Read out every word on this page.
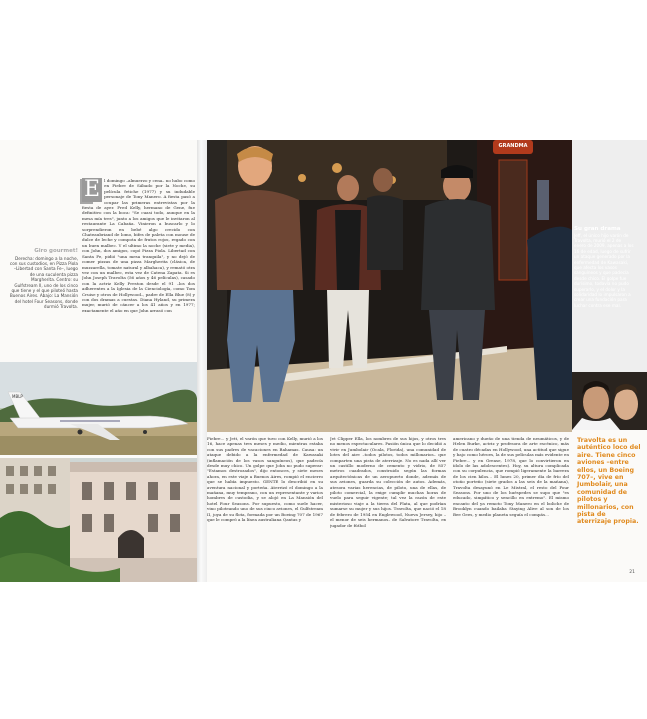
E l domingo –almuerzo y cena– no hubo como en Fiebre de Sábado por la Noche, su película fetiche (1977) y su indudable personaje de Tony Manero. A fiesta pasó a ocupar las primeras entrevistas por la fiesta de ayer. Fred Kelly, hermano de Gene, fue definitivo con la boca: "Se cuasi todo, aunque en la mesa mía tres", junto a los amigos que le invitaron al restaurante La Cabaña. Vinieron a buscarlo y lo sorprendieron en bebé algo crecido con Chateaubriand de lomo, bifes de paleta con mouse de dulce de leche y compota de frutos rojos, regado con un buen malbec. Y el ultimo la noche (siete y media), con John, dos amigos, copó Pizza Piola. Libertad con Santa Fe, pidió "una mesa tranquila", y no dejó de comer pizzas de una pizza Margherita (clásica, de muzzarella, tomate natural y albahaca), y remató otra vez con un malbec, esta vez de Catena Zapata. Si es John Joseph Travolta (56 años y 46 películas), casado con la actriz Kelly Preston desde el 91 –los dos adherentes a la Iglesia de la Cienciología, como Tom Cruise y otros de Hollywood–, padre de Ella Blue (8) y con dos dramas a cuestas. Diana Hyland, su primera mujer, murió de cáncer a los 41 años y en 1977; exactamente el año en que John arrasó con

Giro gourmet!
Derecha: domingo a la noche, con sus custodios, en Pizza Piola –Libertad con Santa Fe–, luego de una suculenta pizza Margherita. Centro: su Gulfstream II, uno de los cinco que tiene y el que piloteó hasta Buenos Aires. Abajo: La Mansión del hotel Four Seasons, donde durmió Travolta.
MBLP
GRANDMA
Su gran drama
Jeff, el único hijo varón de Travolta, murió el 2 de enero de 2009, apenas a los 16 de edad, luego de sufrir un ataque generado por la enfermedad de Kawasaki, que afecta los vasos sanguíneos y que padecía desde chico. El golpe fue durísimo, todavía no pudo superarlo, y el dolor y la solidaridad lo impulsaron a crear una fundación para luchar contra ese mal.
Travolta es un auténtico loco del aire. Tiene cinco aviones –entre ellos, un Boeing 707–, vive en Jumbolair, una comunidad de pilotos y millonarios, con pista de aterrizaje propia.

Fiebre... y Jett, el varón que tuvo con Kelly, murió a los 16, hace apenas tres meses y medio, mientras estaba con sus padres de vacaciones en Bahamas. Causa: un ataque debido a la enfermedad de Kawasaki (inflamación de los vasos sanguíneos), que padecía desde muy chico. Un golpe que John no pudo superar: "Estamos destrozados", dijo entonces, y siete meses ahora, en este viaje a Buenos Aires, rompió el encierro que se había impuesto. GENTE lo describió en su aventura nacional y porteña. Aterrizó el domingo a la mañana, muy temprano, con un representante y varios hombres de custodia, y se alojó en La Mansión del hotel Four Seasons. Por supuesto, como suele hacer, vino piloteando uno de sus cinco aviones, el Gulfstream II, joya de su flota, formada por un Boeing 707 de 1967 que le compró a la línea australiana Qantas y

Jet Clipper Ella, los nombres de sus hijos, y otros tres no menos espectaculares. Pasión única que lo decidió a vivir en Jumbolair (Ocala, Florida), una comunidad de lotes del aire –todos pilotos, todos millonarios– que comparten una pista de aterrizaje. No es nada allí ver un castillo moderno de cemento y vidrio, de 857 metros cuadrados, construido según las formas arquitectónicas de un aeropuerto donde, además de sus aviones, guarda su colección de autos. Además, atesora varias herencias, de piloto, una de ellas, de piloto comercial, la exige cumplir muchas horas de vuelo para seguir vigente; tal vez la razón de este misterioso viaje a la tierra del Plata, al que podrían sumarse su mujer y sus hijos. Travolta, que nació el 18 de febrero de 1954 en Englewood, Nueva Jersey, hijo –el menor de seis hermanos– de Salvatore Travolta, ex jugador de fútbol

americano y dueño de una tienda de neumáticos, y de Helen Burke, actriz y profesora de arte escénico, más de cuatro décadas en Hollywood, una actitud que sigue y bajo como héroes, la de sus películas más evidente en Fiebre... y en Grease, 1978, que lo convirtieron en ídolo de las adolescentes). Hoy, su altura complicada con su corpulencia, que rompió ligeramente la barrera de los cien kilos... El lunes 20, primer día de frío del otoño porteño (siete grados a las seis de la mañana), Travolta desayunó en Le Mistral, el resto del Four Seasons. Por uno de los huéspedes se supo que "es educado, simpático y sencillo en extremo". El mismo encanto del ya remoto Tony Manero en el boliche de Brooklyn cuando bailaba Staying Alive al son de los Bee Gees, y medio planeta seguía el compás...

21
